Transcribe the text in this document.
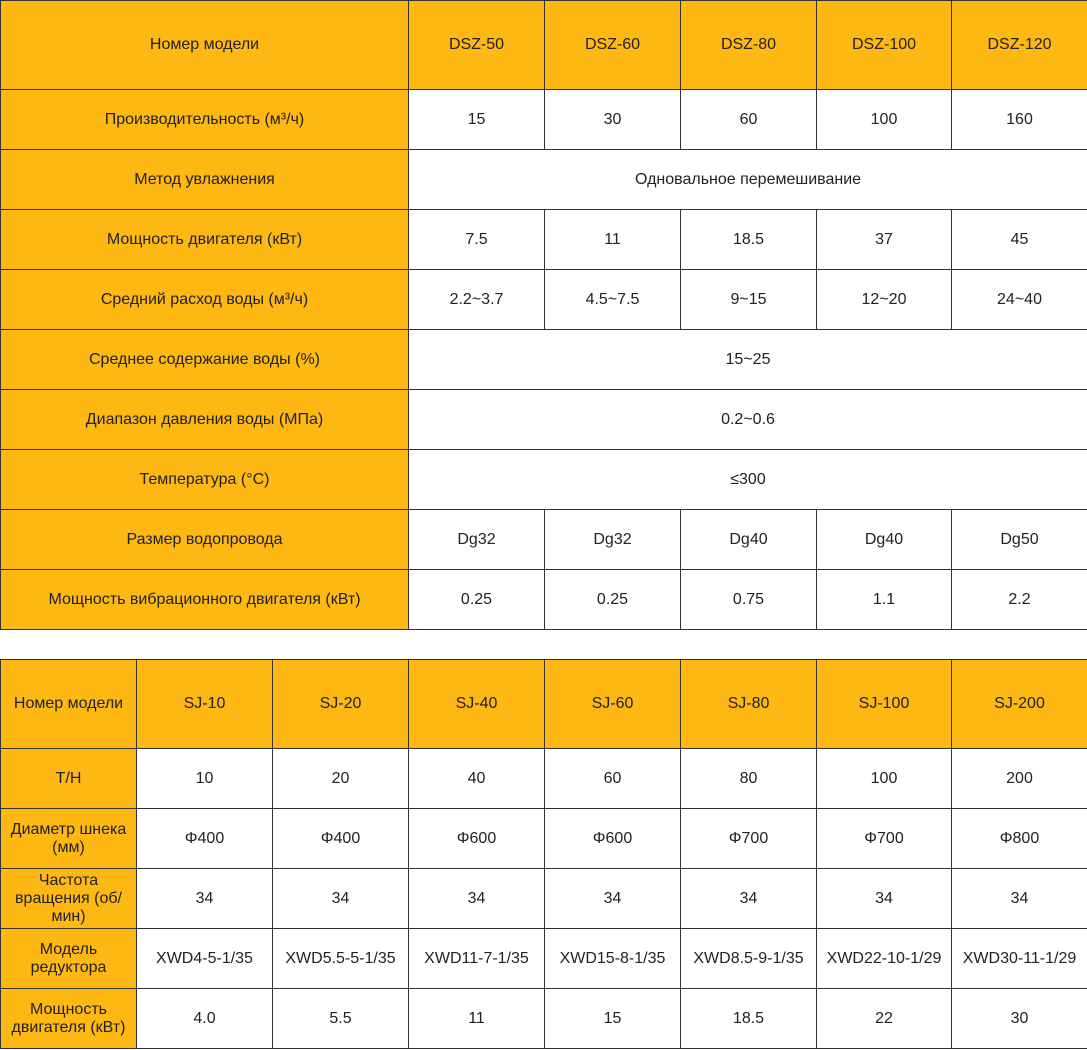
Номер модели	DSZ-50	DSZ-60	DSZ-80	DSZ-100	DSZ-120
Производительность (м³/ч)	15	30	60	100	160
Метод увлажнения	Одновальное перемешивание				
Мощность двигателя (кВт)	7.5	11	18.5	37	45
Средний расход воды (м³/ч)	2.2~3.7	4.5~7.5	9~15	12~20	24~40
Среднее содержание воды (%)	15~25				
Диапазон давления воды (МПа)	0.2~0.6				
Температура (°C)	≤300				
Размер водопровода	Dg32	Dg32	Dg40	Dg40	Dg50
Мощность вибрационного двигателя (кВт)	0.25	0.25	0.75	1.1	2.2
Номер модели	SJ-10	SJ-20	SJ-40	SJ-60	SJ-80	SJ-100	SJ-200
Т/Н	10	20	40	60	80	100	200
Диаметр шнека (мм)	Φ400	Φ400	Φ600	Φ600	Φ700	Φ700	Φ800
Частота вращения (об/мин)	34	34	34	34	34	34	34
Модель редуктора	XWD4-5-1/35	XWD5.5-5-1/35	XWD11-7-1/35	XWD15-8-1/35	XWD8.5-9-1/35	XWD22-10-1/29	XWD30-11-1/29
Мощность двигателя (кВт)	4.0	5.5	11	15	18.5	22	30
